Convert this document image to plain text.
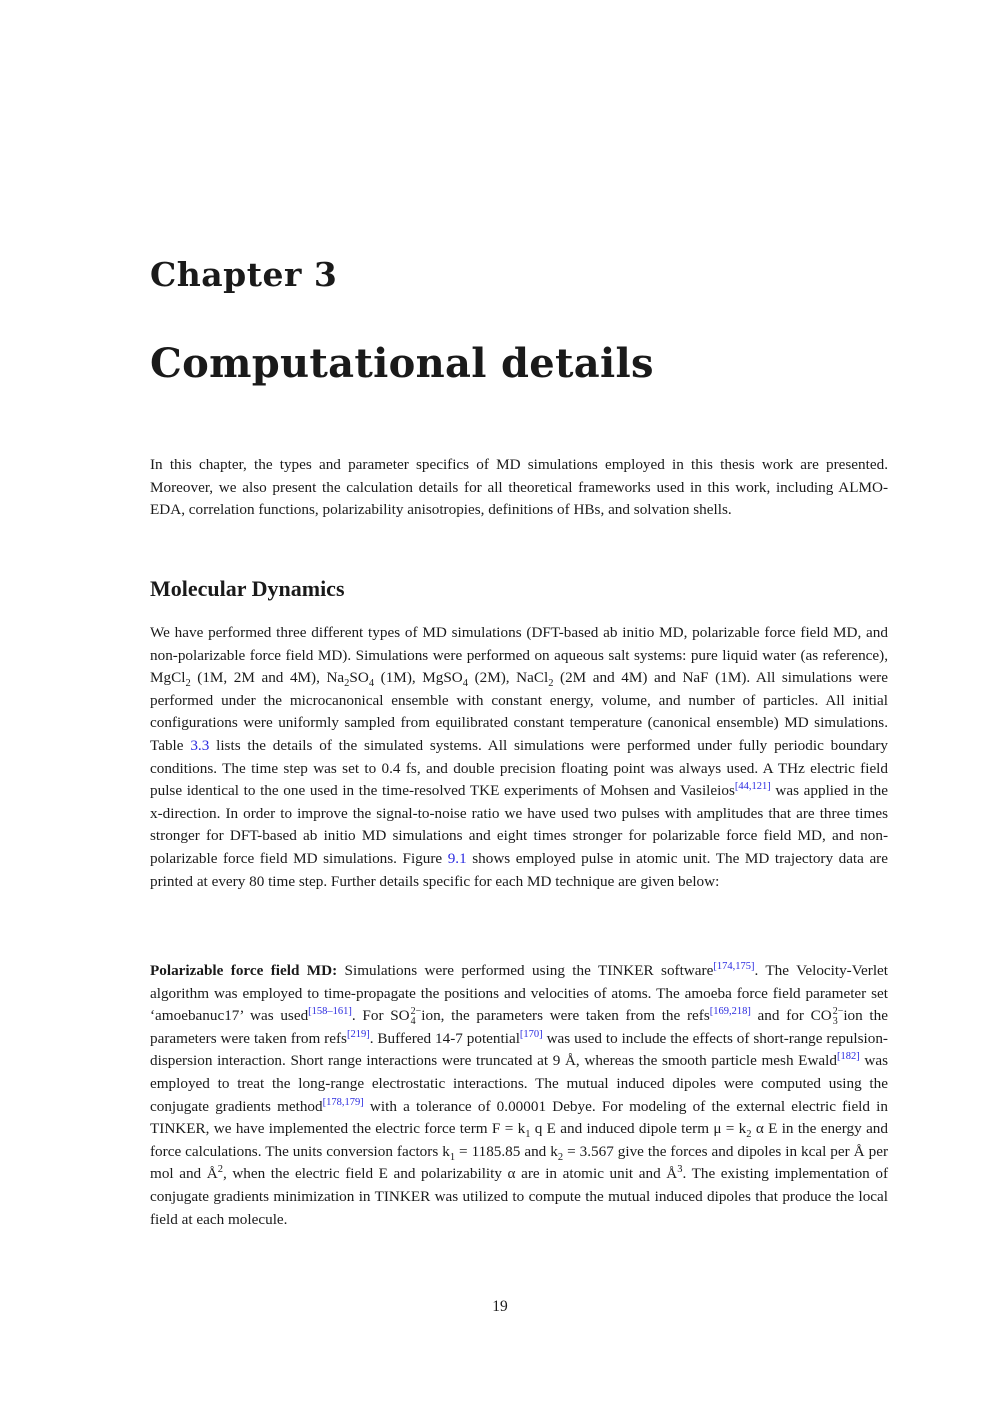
Chapter 3
Computational details

In this chapter, the types and parameter specifics of MD simulations employed in this thesis work are presented. Moreover, we also present the calculation details for all theoretical frameworks used in this work, including ALMO-EDA, correlation functions, polarizability anisotropies, definitions of HBs, and solvation shells.

Molecular Dynamics

We have performed three different types of MD simulations (DFT-based ab initio MD, polarizable force field MD, and non-polarizable force field MD). Simulations were performed on aqueous salt systems: pure liquid water (as reference), MgCl$_2$ (1M, 2M and 4M), $Na_2SO_4$ (1M), MgSO$_4$ (2M), NaCl$_2$ (2M and 4M) and NaF (1M). All simulations were performed under the microcanonical ensemble with constant energy, volume, and number of particles. All initial configurations were uniformly sampled from equilibrated constant temperature (canonical ensemble) MD simulations. Table 3.3 lists the details of the simulated systems. All simulations were performed under fully periodic boundary conditions. The time step was set to 0.4 fs, and double precision floating point was always used. A THz electric field pulse identical to the one used in the time-resolved TKE experiments of Mohsen and Vasileios[44,121] was applied in the x-direction. In order to improve the signal-to-noise ratio we have used two pulses with amplitudes that are three times stronger for DFT-based ab initio MD simulations and eight times stronger for polarizable force field MD, and non-polarizable force field MD simulations. Figure 9.1 shows employed pulse in atomic unit. The MD trajectory data are printed at every 80 time step. Further details specific for each MD technique are given below:

Polarizable force field MD: Simulations were performed using the TINKER software[174,175]. The Velocity-Verlet algorithm was employed to time-propagate the positions and velocities of atoms. The amoeba force field parameter set ‘amoebanuc17’ was used[158–161]. For SO 2−
4 ion, the parameters were taken from the refs[169,218] and for CO 2−
3 ion the parameters were taken from refs[219]. Buffered 14-7 potential[170] was used to include the effects of short-range repulsion-dispersion interaction. Short range interactions were truncated at 9 Å, whereas the smooth particle mesh Ewald[182] was employed to treat the long-range electrostatic interactions. The mutual induced dipoles were computed using the conjugate gradients method[178,179] with a tolerance of 0.00001 Debye. For modeling of the external electric field in TINKER, we have implemented the electric force term $F = k_1$ q E and induced dipole term $\mu = k_2$ α E in the energy and force calculations. The units conversion factors $k_1 = 1185.85$ and $k_2 = 3.567$ give the forces and dipoles in kcal per Å per mol and $Å^2$, when the electric field E and polarizability α are in atomic unit and $Å^3$. The existing implementation of conjugate gradients minimization in TINKER was utilized to compute the mutual induced dipoles that produce the local field at each molecule.

19
